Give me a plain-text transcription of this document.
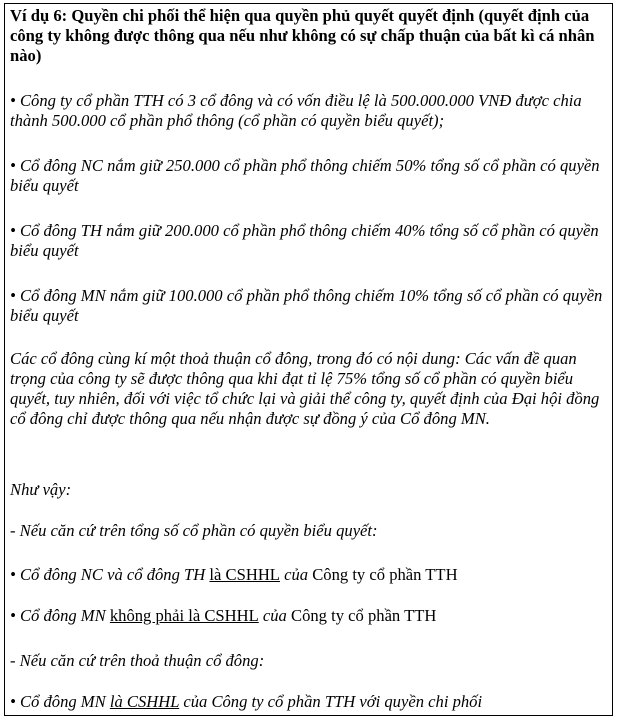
Ví dụ 6: Quyền chi phối thể hiện qua quyền phủ quyết quyết định (quyết định của công ty không được thông qua nếu như không có sự chấp thuận của bất kì cá nhân nào)

• Công ty cổ phần TTH có 3 cổ đông và có vốn điều lệ là 500.000.000 VNĐ được chia thành 500.000 cổ phần phổ thông (cổ phần có quyền biểu quyết);

• Cổ đông NC nắm giữ 250.000 cổ phần phổ thông chiếm 50% tổng số cổ phần có quyền biểu quyết

• Cổ đông TH nắm giữ 200.000 cổ phần phổ thông chiếm 40% tổng số cổ phần có quyền biểu quyết

• Cổ đông MN nắm giữ 100.000 cổ phần phổ thông chiếm 10% tổng số cổ phần có quyền biểu quyết

Các cổ đông cùng kí một thoả thuận cổ đông, trong đó có nội dung: Các vấn đề quan trọng của công ty sẽ được thông qua khi đạt tỉ lệ 75% tổng số cổ phần có quyền biểu quyết, tuy nhiên, đối với việc tổ chức lại và giải thể công ty, quyết định của Đại hội đồng cổ đông chỉ được thông qua nếu nhận được sự đồng ý của Cổ đông MN.

Như vậy:

- Nếu căn cứ trên tổng số cổ phần có quyền biểu quyết:

• Cổ đông NC và cổ đông TH là CSHHL của Công ty cổ phần TTH

• Cổ đông MN không phải là CSHHL của Công ty cổ phần TTH

- Nếu căn cứ trên thoả thuận cổ đông:

• Cổ đông MN là CSHHL của Công ty cổ phần TTH với quyền chi phối
